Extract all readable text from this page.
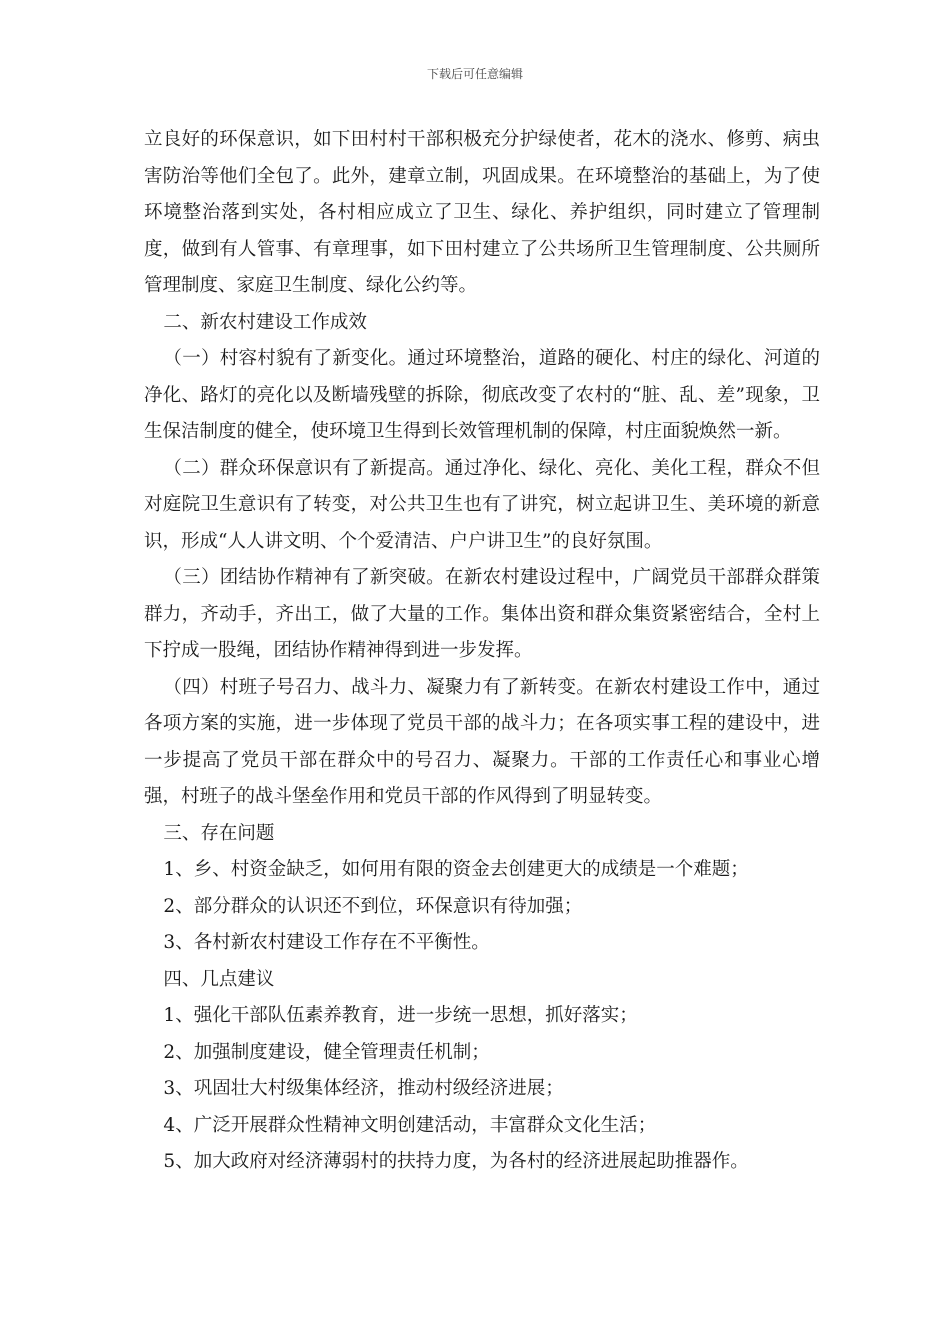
下载后可任意编辑

立良好的环保意识，如下田村村干部积极充分护绿使者，花木的浇水、修剪、病虫害防治等他们全包了。此外，建章立制，巩固成果。在环境整治的基础上，为了使环境整治落到实处，各村相应成立了卫生、绿化、养护组织，同时建立了管理制度，做到有人管事、有章理事，如下田村建立了公共场所卫生管理制度、公共厕所管理制度、家庭卫生制度、绿化公约等。

二、新农村建设工作成效

（一）村容村貌有了新变化。通过环境整治，道路的硬化、村庄的绿化、河道的净化、路灯的亮化以及断墙残壁的拆除，彻底改变了农村的“脏、乱、差”现象，卫生保洁制度的健全，使环境卫生得到长效管理机制的保障，村庄面貌焕然一新。

（二）群众环保意识有了新提高。通过净化、绿化、亮化、美化工程，群众不但对庭院卫生意识有了转变，对公共卫生也有了讲究，树立起讲卫生、美环境的新意识，形成“人人讲文明、个个爱清洁、户户讲卫生”的良好氛围。

（三）团结协作精神有了新突破。在新农村建设过程中，广阔党员干部群众群策群力，齐动手，齐出工，做了大量的工作。集体出资和群众集资紧密结合，全村上下拧成一股绳，团结协作精神得到进一步发挥。

（四）村班子号召力、战斗力、凝聚力有了新转变。在新农村建设工作中，通过各项方案的实施，进一步体现了党员干部的战斗力；在各项实事工程的建设中，进一步提高了党员干部在群众中的号召力、凝聚力。干部的工作责任心和事业心增强，村班子的战斗堡垒作用和党员干部的作风得到了明显转变。

三、存在问题

1、乡、村资金缺乏，如何用有限的资金去创建更大的成绩是一个难题；

2、部分群众的认识还不到位，环保意识有待加强；

3、各村新农村建设工作存在不平衡性。

四、几点建议

1、强化干部队伍素养教育，进一步统一思想，抓好落实；

2、加强制度建设，健全管理责任机制；

3、巩固壮大村级集体经济，推动村级经济进展；

4、广泛开展群众性精神文明创建活动，丰富群众文化生活；

5、加大政府对经济薄弱村的扶持力度，为各村的经济进展起助推器作。
